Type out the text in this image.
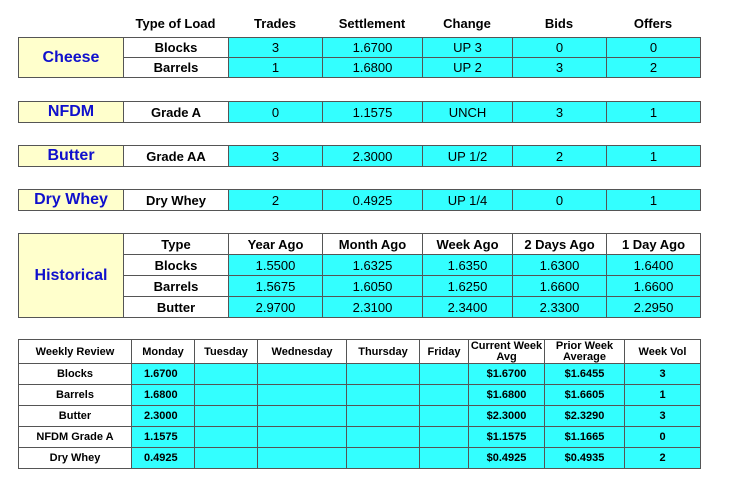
	Type of Load	Trades	Settlement	Change	Bids	Offers
Cheese	Blocks	3	1.6700	UP 3	0	0
	Barrels	1	1.6800	UP 2	3	2
NFDM	Grade A	0	1.1575	UNCH	3	1
Butter	Grade AA	3	2.3000	UP 1/2	2	1
Dry Whey	Dry Whey	2	0.4925	UP 1/4	0	1
Historical	Type	Year Ago	Month Ago	Week Ago	2 Days Ago	1 Day Ago
	Blocks	1.5500	1.6325	1.6350	1.6300	1.6400
	Barrels	1.5675	1.6050	1.6250	1.6600	1.6600
	Butter	2.9700	2.3100	2.3400	2.3300	2.2950
Weekly Review	Monday	Tuesday	Wednesday	Thursday	Friday	Current Week Avg	Prior Week Average	Week Vol
Blocks	1.6700					$1.6700	$1.6455	3
Barrels	1.6800					$1.6800	$1.6605	1
Butter	2.3000					$2.3000	$2.3290	3
NFDM Grade A	1.1575					$1.1575	$1.1665	0
Dry Whey	0.4925					$0.4925	$0.4935	2
